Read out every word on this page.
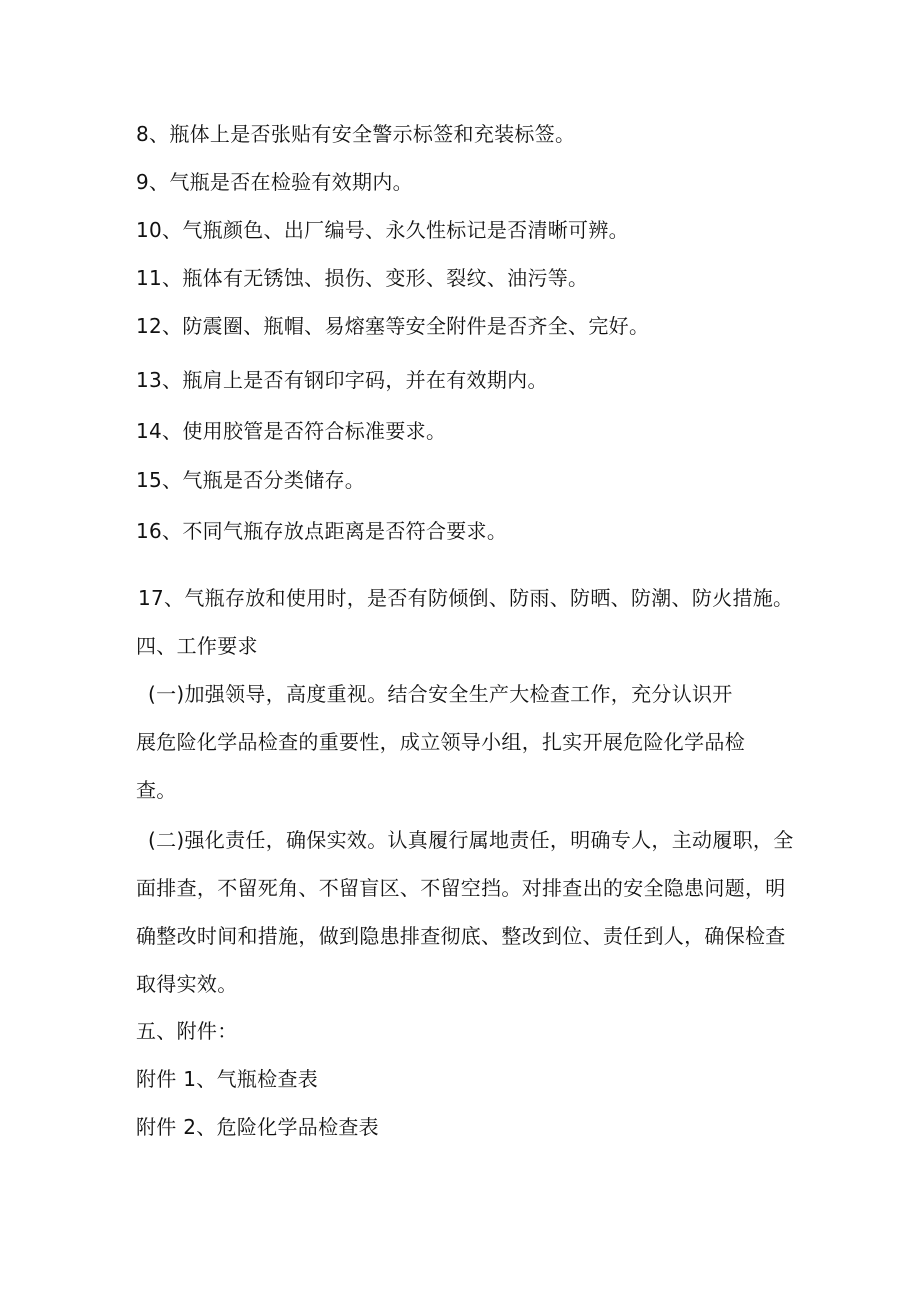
8、瓶体上是否张贴有安全警示标签和充装标签。
9、气瓶是否在检验有效期内。
10、气瓶颜色、出厂编号、永久性标记是否清晰可辨。
11、瓶体有无锈蚀、损伤、变形、裂纹、油污等。
12、防震圈、瓶帽、易熔塞等安全附件是否齐全、完好。
13、瓶肩上是否有钢印字码，并在有效期内。
14、使用胶管是否符合标准要求。
15、气瓶是否分类储存。
16、不同气瓶存放点距离是否符合要求。
17、气瓶存放和使用时，是否有防倾倒、防雨、防晒、防潮、防火措施。
四、工作要求
(一)加强领导，高度重视。结合安全生产大检查工作，充分认识开
展危险化学品检查的重要性，成立领导小组，扎实开展危险化学品检
查。
(二)强化责任，确保实效。认真履行属地责任，明确专人，主动履职，全
面排查，不留死角、不留盲区、不留空挡。对排查出的安全隐患问题，明
确整改时间和措施，做到隐患排查彻底、整改到位、责任到人，确保检查
取得实效。
五、附件：
附件 1、气瓶检查表
附件 2、危险化学品检查表
